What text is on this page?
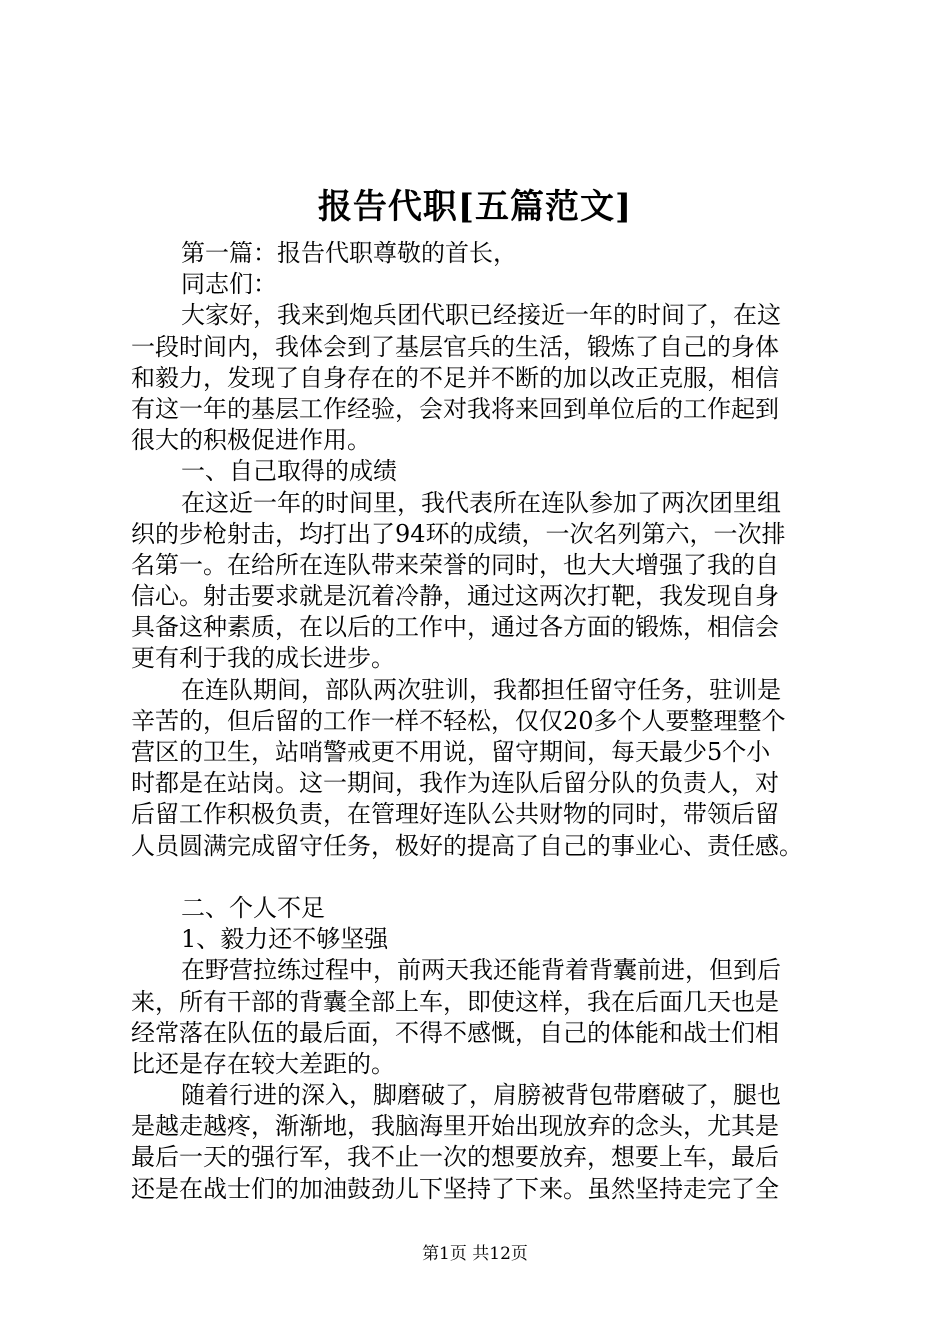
报告代职[五篇范文]
第一篇：报告代职尊敬的首长，
同志们：
大家好，我来到炮兵团代职已经接近一年的时间了，在这
一段时间内，我体会到了基层官兵的生活，锻炼了自己的身体
和毅力，发现了自身存在的不足并不断的加以改正克服，相信
有这一年的基层工作经验，会对我将来回到单位后的工作起到
很大的积极促进作用。
一、自己取得的成绩
在这近一年的时间里，我代表所在连队参加了两次团里组
织的步枪射击，均打出了94环的成绩，一次名列第六，一次排
名第一。在给所在连队带来荣誉的同时，也大大增强了我的自
信心。射击要求就是沉着冷静，通过这两次打靶，我发现自身
具备这种素质，在以后的工作中，通过各方面的锻炼，相信会
更有利于我的成长进步。
在连队期间，部队两次驻训，我都担任留守任务，驻训是
辛苦的，但后留的工作一样不轻松，仅仅20多个人要整理整个
营区的卫生，站哨警戒更不用说，留守期间，每天最少5个小
时都是在站岗。这一期间，我作为连队后留分队的负责人，对
后留工作积极负责，在管理好连队公共财物的同时，带领后留
人员圆满完成留守任务，极好的提高了自己的事业心、责任感。
二、个人不足
1、毅力还不够坚强
在野营拉练过程中，前两天我还能背着背囊前进，但到后
来，所有干部的背囊全部上车，即使这样，我在后面几天也是
经常落在队伍的最后面，不得不感慨，自己的体能和战士们相
比还是存在较大差距的。
随着行进的深入，脚磨破了，肩膀被背包带磨破了，腿也
是越走越疼，渐渐地，我脑海里开始出现放弃的念头，尤其是
最后一天的强行军，我不止一次的想要放弃，想要上车，最后
还是在战士们的加油鼓劲儿下坚持了下来。虽然坚持走完了全
第1页 共12页
